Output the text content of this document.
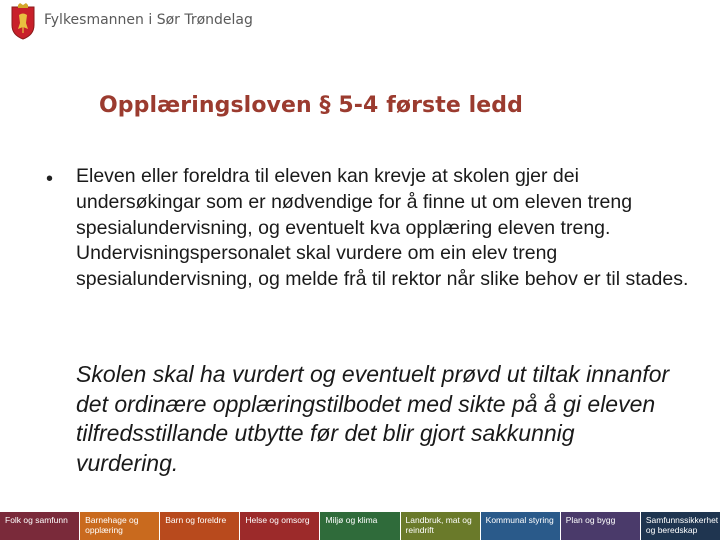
Fylkesmannen i Sør Trøndelag
Opplæringsloven § 5-4 første ledd
• Eleven eller foreldra til eleven kan krevje at skolen gjer dei undersøkingar som er nødvendige for å finne ut om eleven treng spesialundervisning, og eventuelt kva opplæring eleven treng. Undervisningspersonalet skal vurdere om ein elev treng spesialundervisning, og melde frå til rektor når slike behov er til stades.

Skolen skal ha vurdert og eventuelt prøvd ut tiltak innanfor det ordinære opplæringstilbodet med sikte på å gi eleven tilfredsstillande utbytte før det blir gjort sakkunnig vurdering.

Folk og samfunn	Barnehage og opplæring
Barn og foreldre	Helse og omsorg	Miljø og klima	Landbruk, mat og reindrift
Kommunal styring	Plan og bygg	Samfunnssikkerhet og beredskap
